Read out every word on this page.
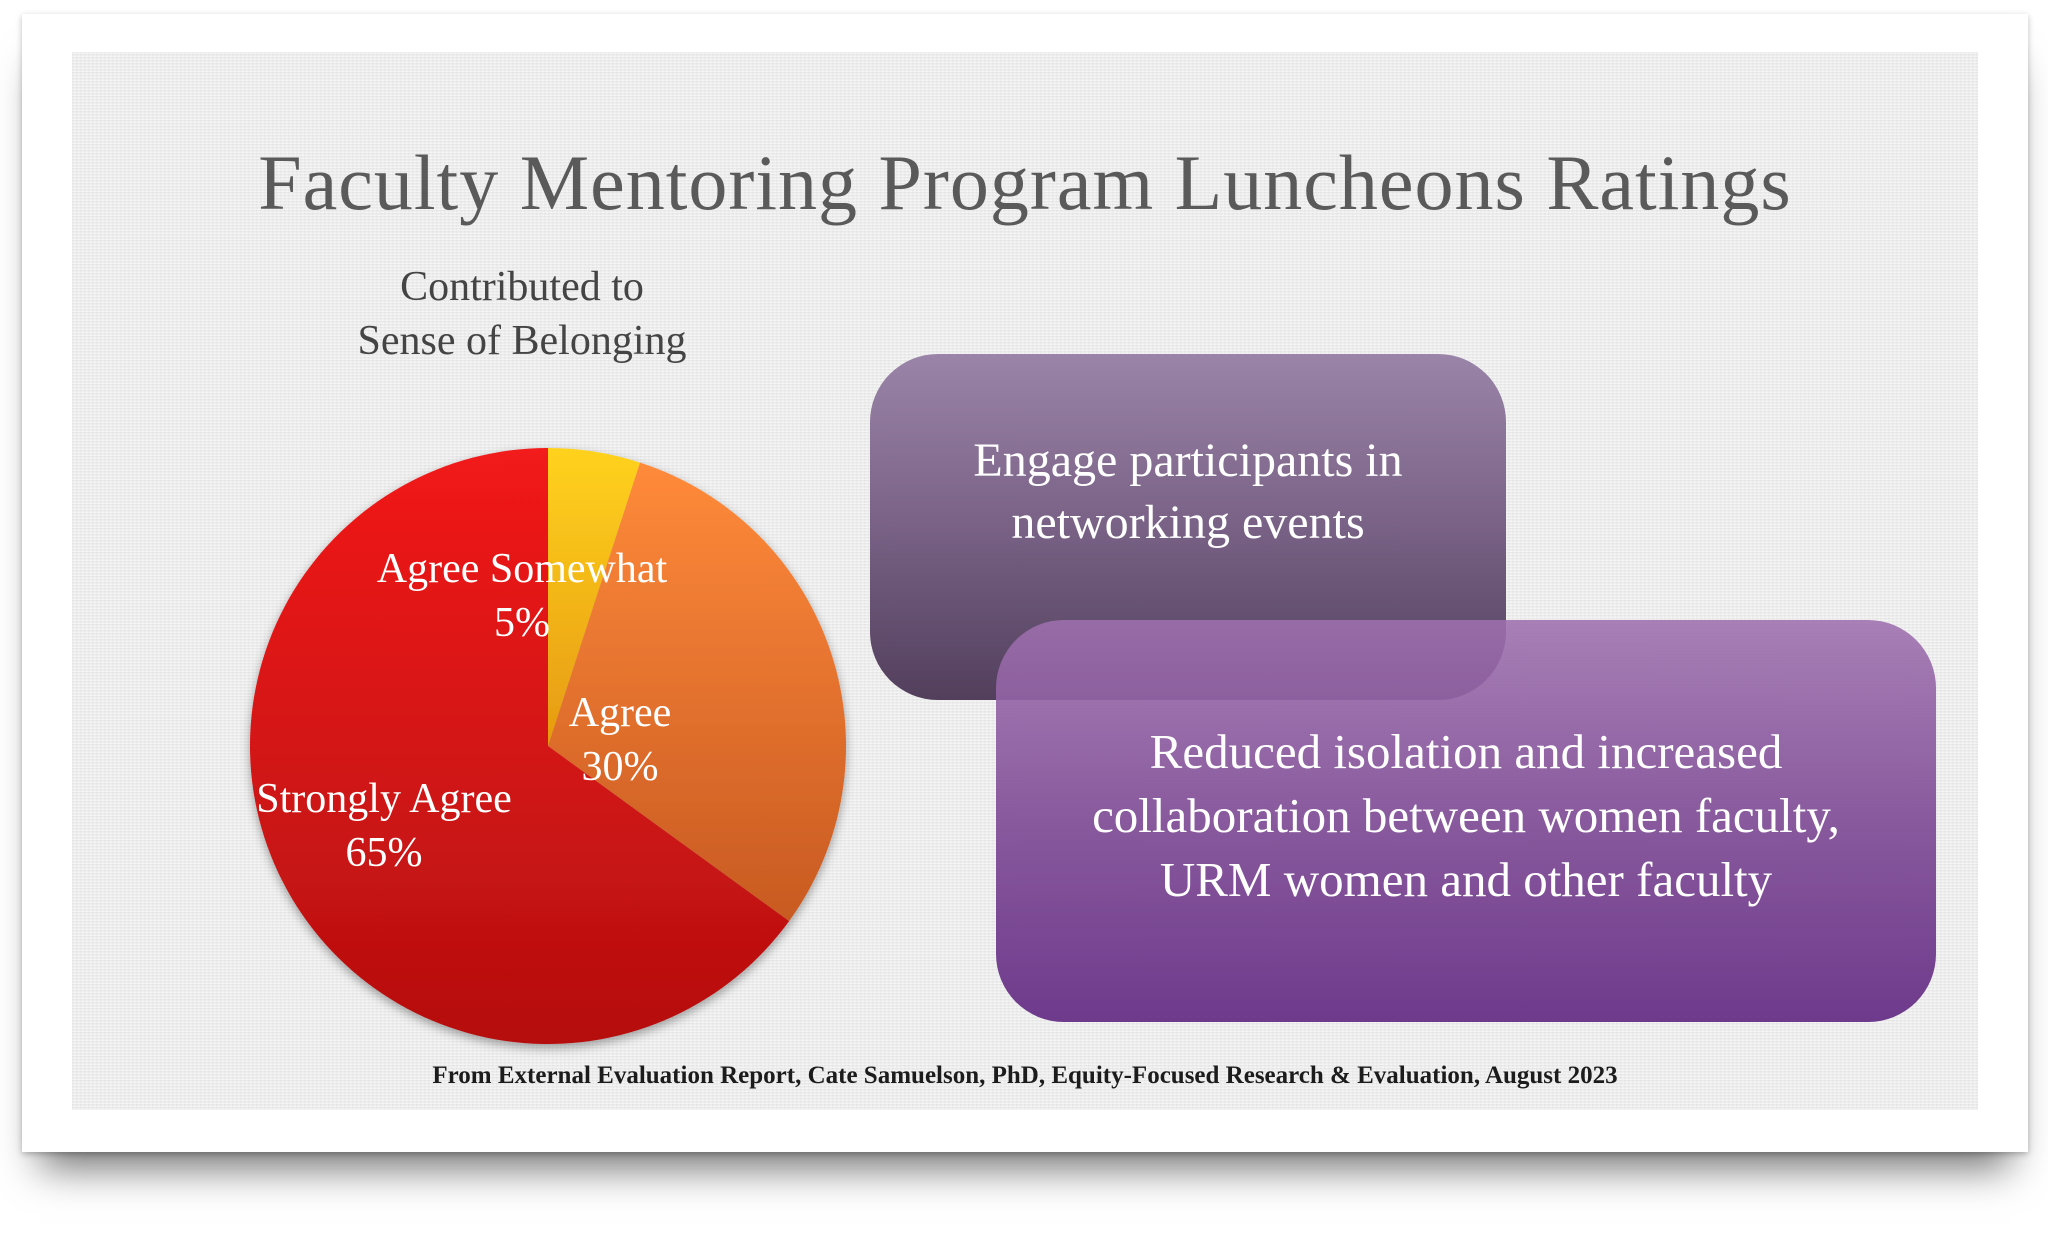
Faculty Mentoring Program Luncheons Ratings
Contributed to
Sense of Belonging
Agree Somewhat
5%
Agree
30%
Strongly Agree
65%
Engage participants in
networking events
Reduced isolation and increased
collaboration between women faculty,
URM women and other faculty

From External Evaluation Report, Cate Samuelson, PhD, Equity-Focused Research & Evaluation, August 2023
